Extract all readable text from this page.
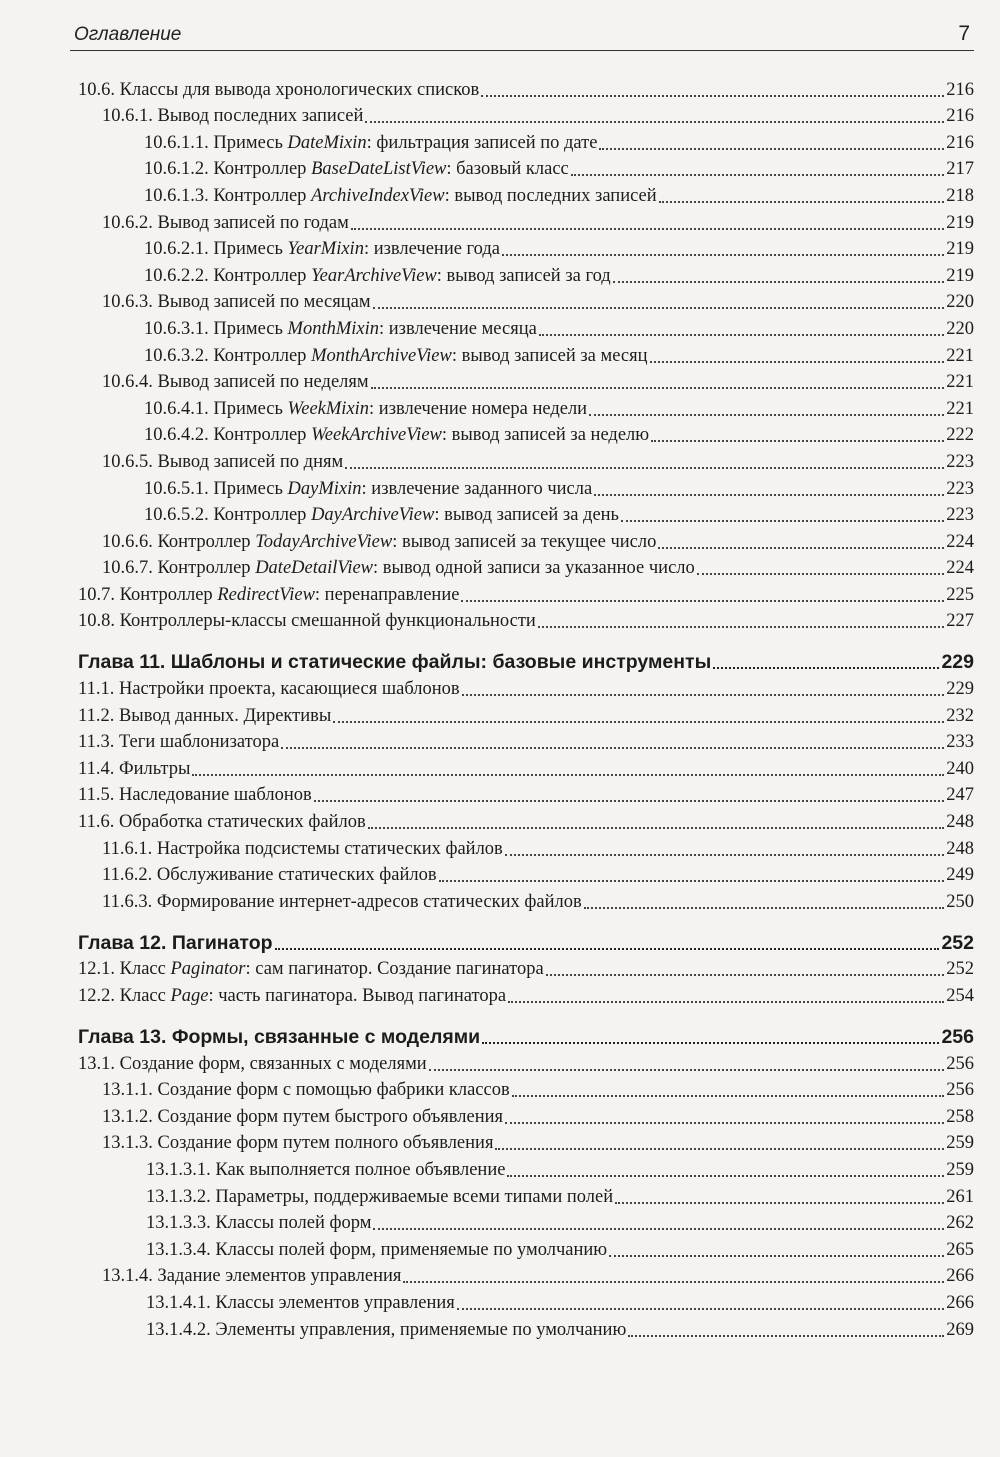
Оглавление	7
10.6. Классы для вывода хронологических списков	216
10.6.1. Вывод последних записей	216
10.6.1.1. Примесь DateMixin: фильтрация записей по дате	216
10.6.1.2. Контроллер BaseDateListView: базовый класс	217
10.6.1.3. Контроллер ArchiveIndexView: вывод последних записей	218
10.6.2. Вывод записей по годам	219
10.6.2.1. Примесь YearMixin: извлечение года	219
10.6.2.2. Контроллер YearArchiveView: вывод записей за год	219
10.6.3. Вывод записей по месяцам	220
10.6.3.1. Примесь MonthMixin: извлечение месяца	220
10.6.3.2. Контроллер MonthArchiveView: вывод записей за месяц	221
10.6.4. Вывод записей по неделям	221
10.6.4.1. Примесь WeekMixin: извлечение номера недели	221
10.6.4.2. Контроллер WeekArchiveView: вывод записей за неделю	222
10.6.5. Вывод записей по дням	223
10.6.5.1. Примесь DayMixin: извлечение заданного числа	223
10.6.5.2. Контроллер DayArchiveView: вывод записей за день	223
10.6.6. Контроллер TodayArchiveView: вывод записей за текущее число	224
10.6.7. Контроллер DateDetailView: вывод одной записи за указанное число	224
10.7. Контроллер RedirectView: перенаправление	225
10.8. Контроллеры-классы смешанной функциональности	227
Глава 11. Шаблоны и статические файлы: базовые инструменты	229
11.1. Настройки проекта, касающиеся шаблонов	229
11.2. Вывод данных. Директивы	232
11.3. Теги шаблонизатора	233
11.4. Фильтры	240
11.5. Наследование шаблонов	247
11.6. Обработка статических файлов	248
11.6.1. Настройка подсистемы статических файлов	248
11.6.2. Обслуживание статических файлов	249
11.6.3. Формирование интернет-адресов статических файлов	250
Глава 12. Пагинатор	252
12.1. Класс Paginator: сам пагинатор. Создание пагинатора	252
12.2. Класс Page: часть пагинатора. Вывод пагинатора	254
Глава 13. Формы, связанные с моделями	256
13.1. Создание форм, связанных с моделями	256
13.1.1. Создание форм с помощью фабрики классов	256
13.1.2. Создание форм путем быстрого объявления	258
13.1.3. Создание форм путем полного объявления	259
13.1.3.1. Как выполняется полное объявление	259
13.1.3.2. Параметры, поддерживаемые всеми типами полей	261
13.1.3.3. Классы полей форм	262
13.1.3.4. Классы полей форм, применяемые по умолчанию	265
13.1.4. Задание элементов управления	266
13.1.4.1. Классы элементов управления	266
13.1.4.2. Элементы управления, применяемые по умолчанию	269
